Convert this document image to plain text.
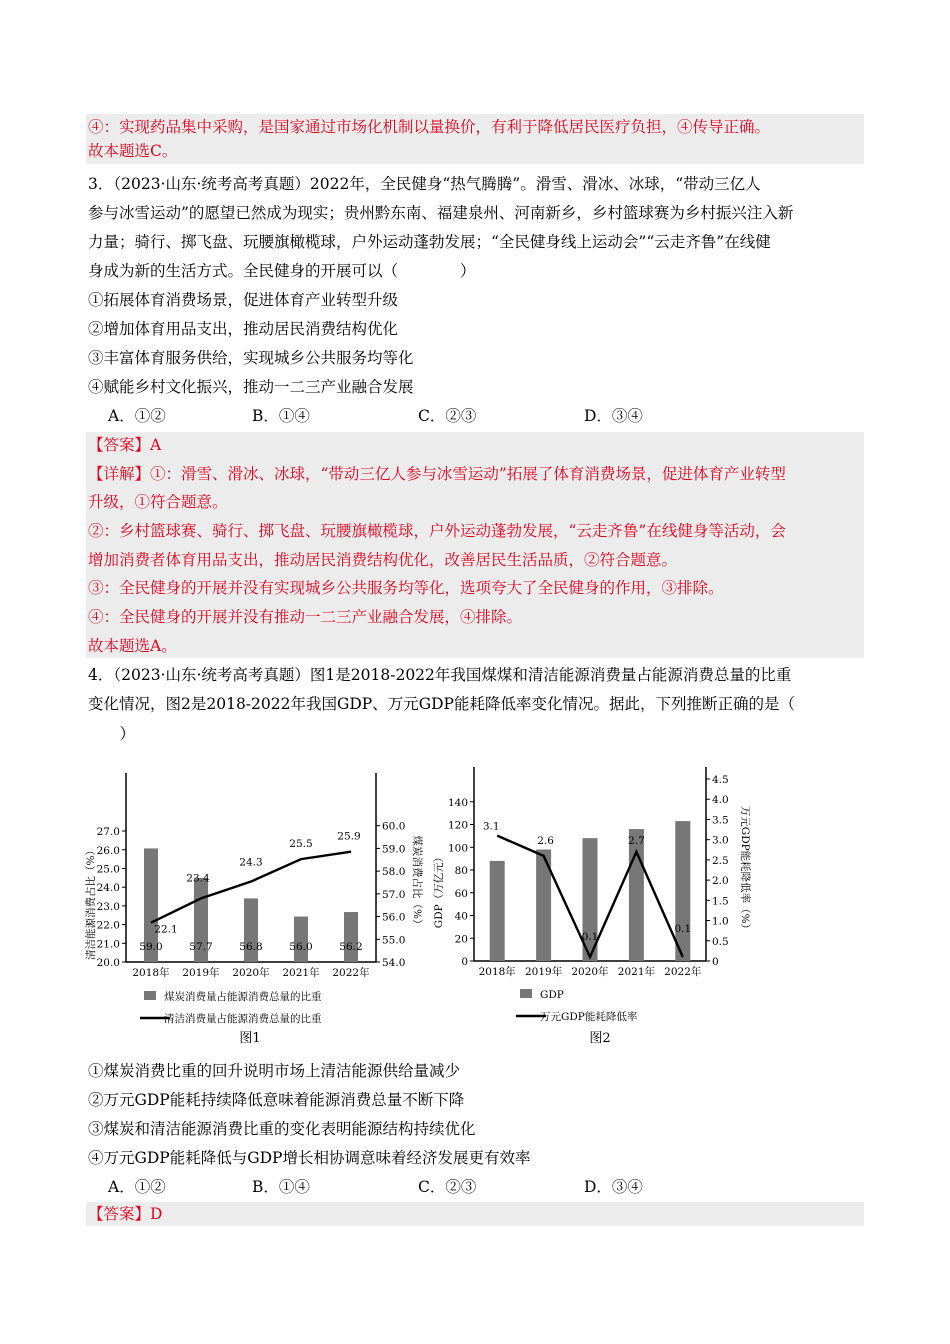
④：实现药品集中采购，是国家通过市场化机制以量换价，有利于降低居民医疗负担，④传导正确。
故本题选C。
3．（2023·山东·统考高考真题）2022年，全民健身“热气腾腾”。滑雪、滑冰、冰球，“带动三亿人
参与冰雪运动”的愿望已然成为现实；贵州黔东南、福建泉州、河南新乡，乡村篮球赛为乡村振兴注入新
力量；骑行、掷飞盘、玩腰旗橄榄球，户外运动蓬勃发展；“全民健身线上运动会”“云走齐鲁”在线健
身成为新的生活方式。全民健身的开展可以（　　　　）
①拓展体育消费场景，促进体育产业转型升级
②增加体育用品支出，推动居民消费结构优化
③丰富体育服务供给，实现城乡公共服务均等化
④赋能乡村文化振兴，推动一二三产业融合发展
A．①②	B．①④	C．②③	D．③④
【答案】A
【详解】①：滑雪、滑冰、冰球，“带动三亿人参与冰雪运动”拓展了体育消费场景，促进体育产业转型
升级，①符合题意。
②：乡村篮球赛、骑行、掷飞盘、玩腰旗橄榄球，户外运动蓬勃发展，“云走齐鲁”在线健身等活动，会
增加消费者体育用品支出，推动居民消费结构优化，改善居民生活品质，②符合题意。
③：全民健身的开展并没有实现城乡公共服务均等化，选项夸大了全民健身的作用，③排除。
④：全民健身的开展并没有推动一二三产业融合发展，④排除。
故本题选A。
4．（2023·山东·统考高考真题）图1是2018-2022年我国煤煤和清洁能源消费量占能源消费总量的比重
变化情况，图2是2018-2022年我国GDP、万元GDP能耗降低率变化情况。据此，下列推断正确的是（
　）
20.0
21.0
22.0
23.0
24.0
25.0
26.0
27.0
54.0
55.0
56.0
57.0
58.0
59.0
60.0
59.0	57.7	56.8	56.0	56.2
22.1
23.4
24.3
25.5
25.9
2018年 2019年 2020年 2021年 2022年
清洁能源消费占比（%）	煤炭消费占比（%）
煤炭消费量占能源消费总量的比重
清洁消费量占能源消费总量的比重
图1
0
20
40
60
80
100
120
140
0
0.5
1.0
1.5
2.0
2.5
3.0
3.5
4.0
4.5
3.1
2.6
0.1
2.7
0.1
2018年 2019年 2020年 2021年 2022年
GDP（万亿元）	万元GDP能耗降低率（%）
GDP
万元GDP能耗降低率
图2
①煤炭消费比重的回升说明市场上清洁能源供给量减少
②万元GDP能耗持续降低意味着能源消费总量不断下降
③煤炭和清洁能源消费比重的变化表明能源结构持续优化
④万元GDP能耗降低与GDP增长相协调意味着经济发展更有效率
A．①②	B．①④	C．②③	D．③④
【答案】D
